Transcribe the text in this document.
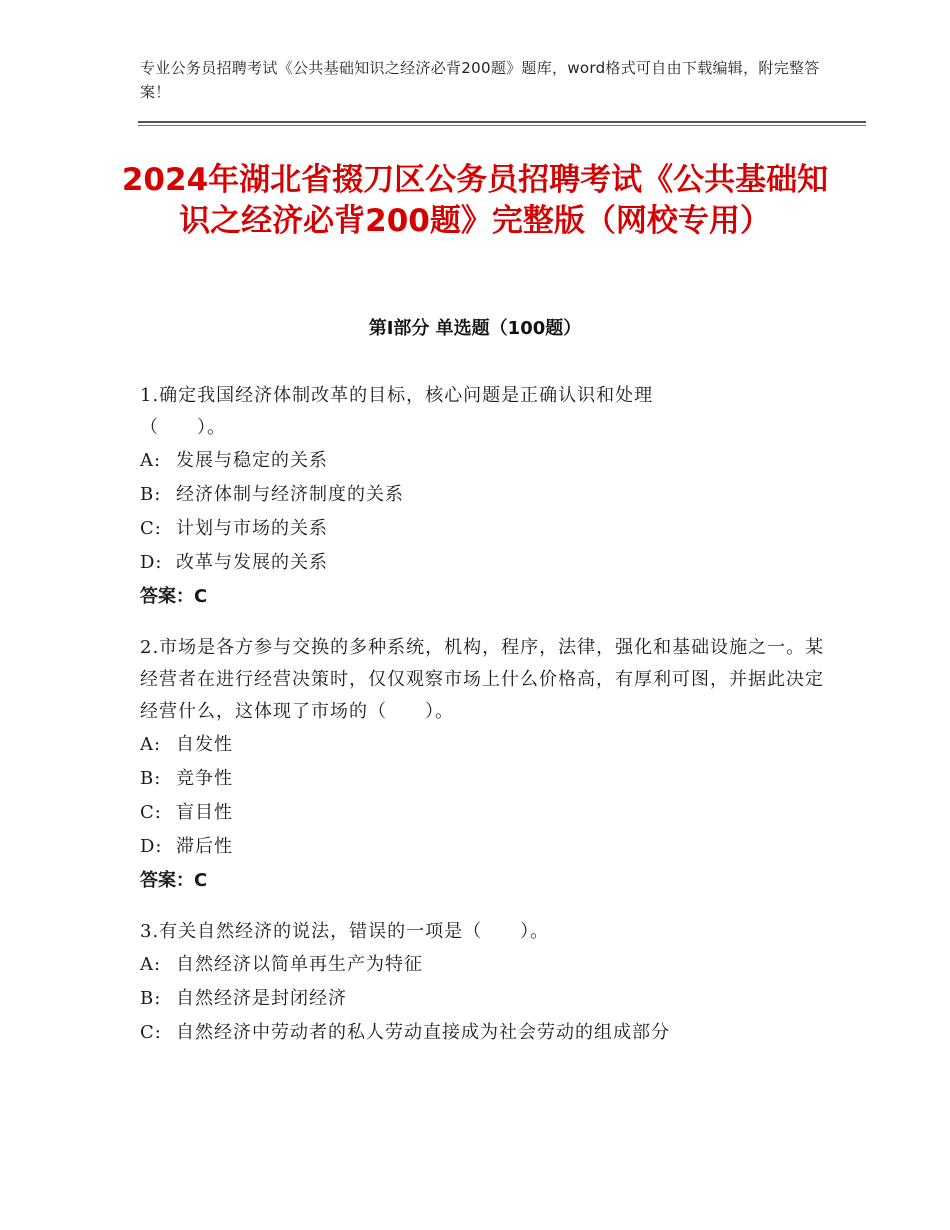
专业公务员招聘考试《公共基础知识之经济必背200题》题库，word格式可自由下载编辑，附完整答案！
2024年湖北省掇刀区公务员招聘考试《公共基础知识之经济必背200题》完整版（网校专用）
第I部分 单选题（100题）

1.确定我国经济体制改革的目标，核心问题是正确认识和处理
（　　）。

A: 发展与稳定的关系

B: 经济体制与经济制度的关系

C: 计划与市场的关系

D: 改革与发展的关系

答案：C

2.市场是各方参与交换的多种系统，机构，程序，法律，强化和基础设施之一。某经营者在进行经营决策时，仅仅观察市场上什么价格高，有厚利可图，并据此决定经营什么，这体现了市场的（　　）。

A: 自发性

B: 竞争性

C: 盲目性

D: 滞后性

答案：C

3.有关自然经济的说法，错误的一项是（　　）。

A: 自然经济以简单再生产为特征

B: 自然经济是封闭经济

C: 自然经济中劳动者的私人劳动直接成为社会劳动的组成部分
